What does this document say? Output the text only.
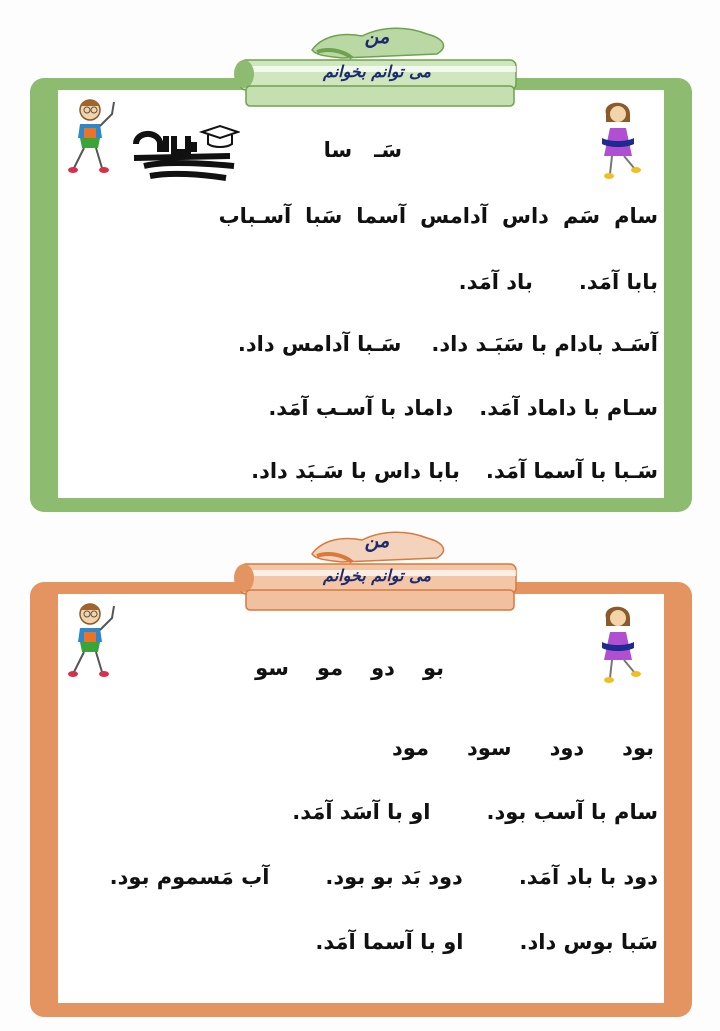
من
می توانم بخوانم
سَـسا
سامسَمداسآدامسآسماسَباآسـباب
بابا آمَد.باد آمَد.
آسَـد بادام با سَبَـد داد.سَـبا آدامس داد.
سـام با داماد آمَد.داماد با آسـب آمَد.
سَـبا با آسما آمَد.بابا داس با سَـبَد داد.
من
می توانم بخوانم
بودوموسو
بوددودسودمود
سام با آسب بود.او با آسَد آمَد.
دود با باد آمَد.دود بَد بو بود.آب مَسموم بود.
سَبا بوس داد.او با آسما آمَد.
